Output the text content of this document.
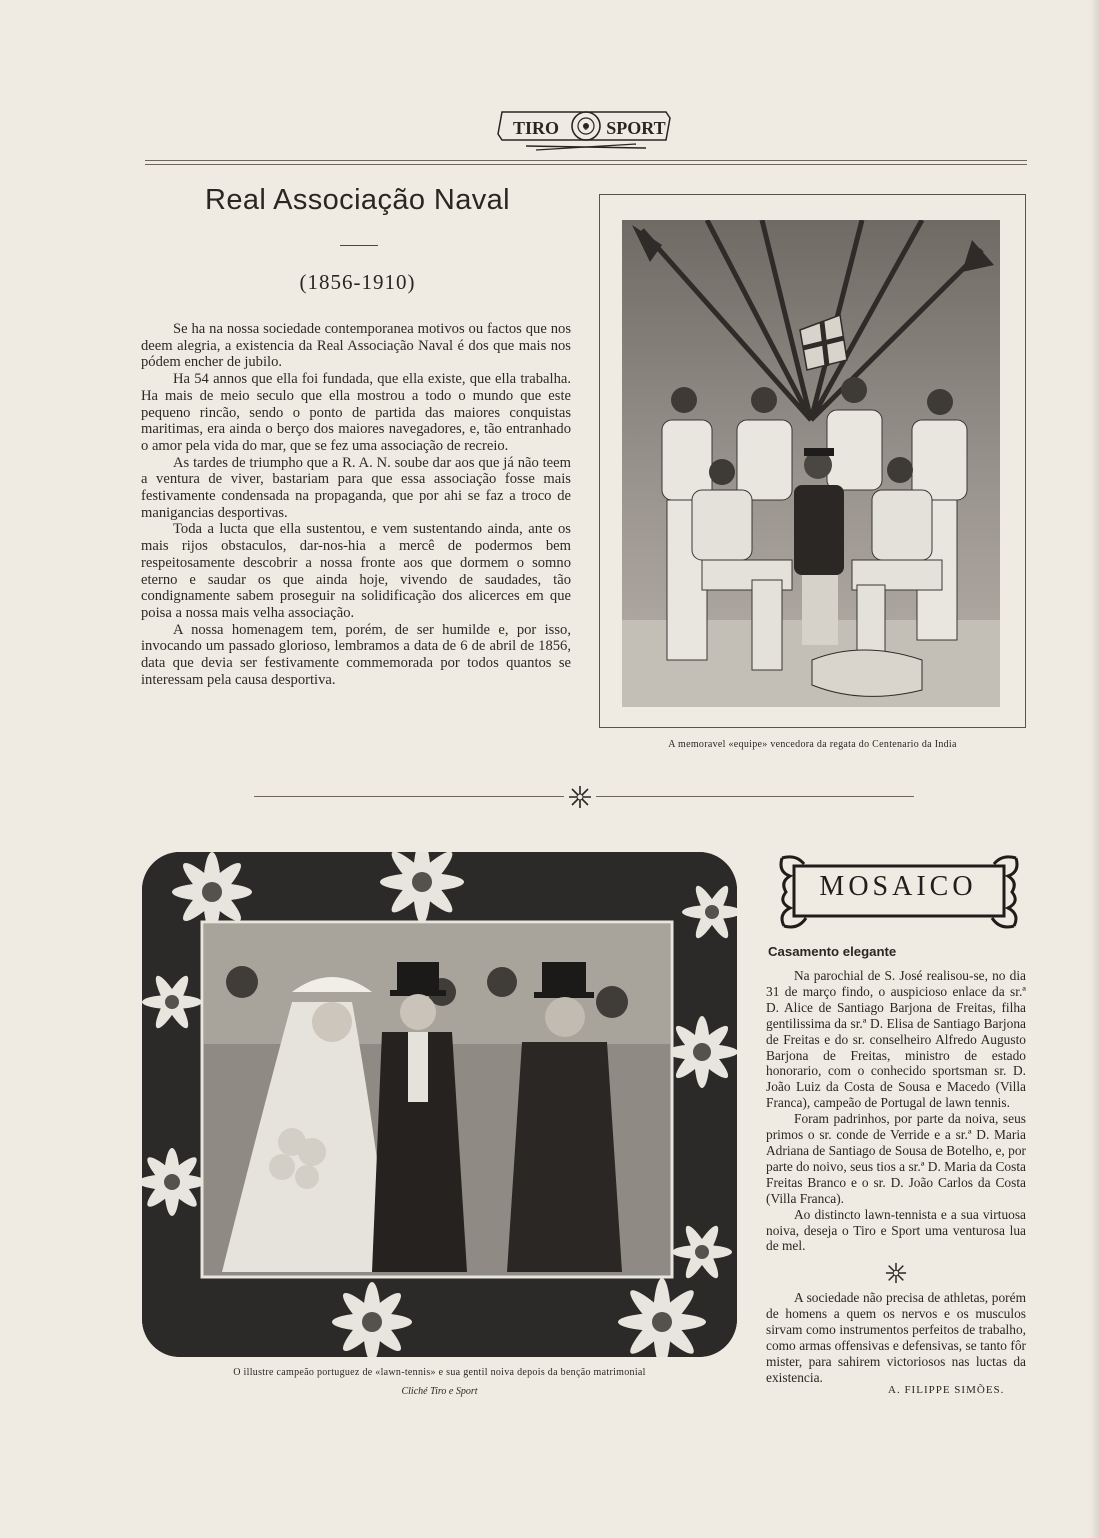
TIRO	SPORT
e
Real Associação Naval
(1856-1910)

Se ha na nossa sociedade contemporanea motivos ou factos que nos deem alegria, a existencia da Real Associação Naval é dos que mais nos pódem encher de jubilo.

Ha 54 annos que ella foi fundada, que ella existe, que ella trabalha. Ha mais de meio seculo que ella mostrou a todo o mundo que este pequeno rincão, sendo o ponto de partida das maiores conquistas maritimas, era ainda o berço dos maiores navegadores, e, tão entranhado o amor pela vida do mar, que se fez uma associação de recreio.

As tardes de triumpho que a R. A. N. soube dar aos que já não teem a ventura de viver, bastariam para que essa associação fosse mais festivamente condensada na propaganda, que por ahi se faz a troco de manigancias desportivas.

Toda a lucta que ella sustentou, e vem sustentando ainda, ante os mais rijos obstaculos, dar-nos-hia a mercê de podermos bem respeitosamente descobrir a nossa fronte aos que dormem o somno eterno e saudar os que ainda hoje, vivendo de saudades, tão condignamente sabem proseguir na solidificação dos alicerces em que poisa a nossa mais velha associação.

A nossa homenagem tem, porém, de ser humilde e, por isso, invocando um passado glorioso, lembramos a data de 6 de abril de 1856, data que devia ser festivamente commemorada por todos quantos se interessam pela causa desportiva.

A memoravel «equipe» vencedora da regata do Centenario da India
O illustre campeão portuguez de «lawn-tennis» e sua gentil noiva depois da benção matrimonial
Cliché Tiro e Sport
MOSAICO
Casamento elegante

Na parochial de S. José realisou-se, no dia 31 de março findo, o auspicioso enlace da sr.ª D. Alice de Santiago Barjona de Freitas, filha gentilissima da sr.ª D. Elisa de Santiago Barjona de Freitas e do sr. conselheiro Alfredo Augusto Barjona de Freitas, ministro de estado honorario, com o conhecido sportsman sr. D. João Luiz da Costa de Sousa e Macedo (Villa Franca), campeão de Portugal de lawn tennis.

Foram padrinhos, por parte da noiva, seus primos o sr. conde de Verride e a sr.ª D. Maria Adriana de Santiago de Sousa de Botelho, e, por parte do noivo, seus tios a sr.ª D. Maria da Costa Freitas Branco e o sr. D. João Carlos da Costa (Villa Franca).

Ao distincto lawn-tennista e a sua virtuosa noiva, deseja o Tiro e Sport uma venturosa lua de mel.

A sociedade não precisa de athletas, porém de homens a quem os nervos e os musculos sirvam como instrumentos perfeitos de trabalho, como armas offensivas e defensivas, se tanto fôr mister, para sahirem victoriosos nas luctas da existencia.

A. FILIPPE SIMÕES.
